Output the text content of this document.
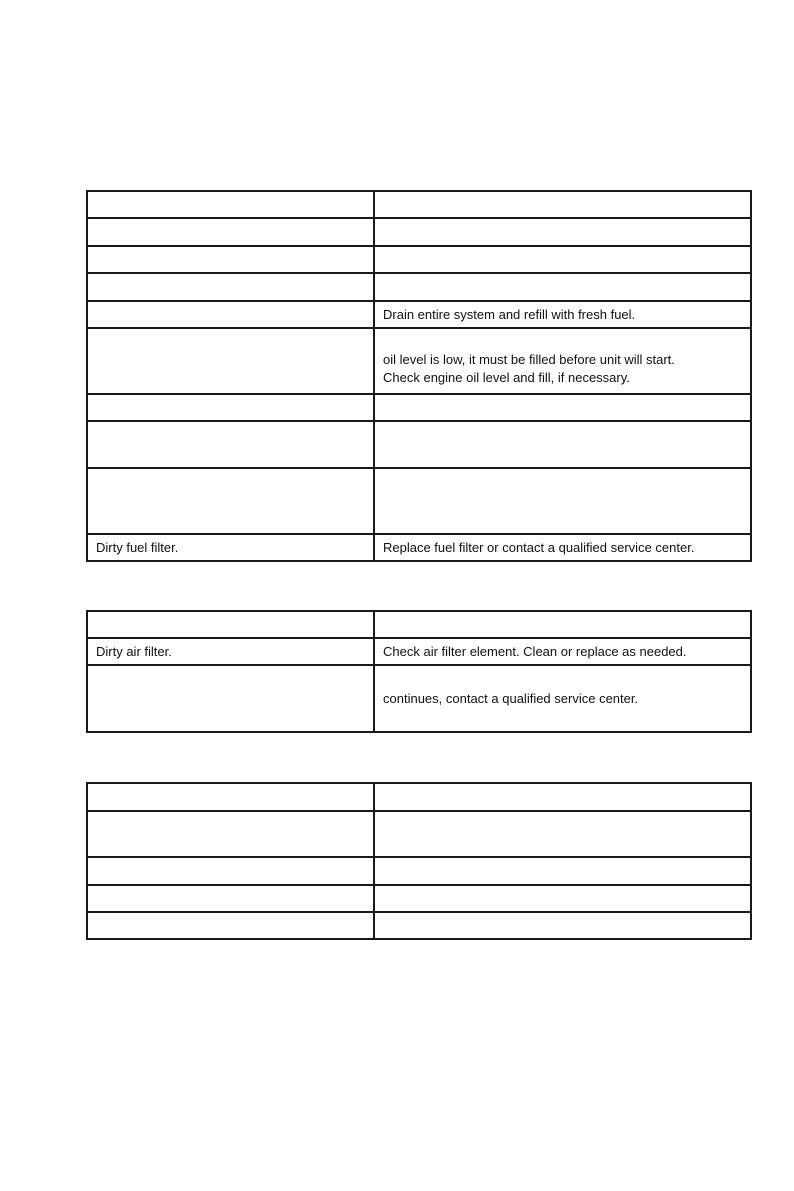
	Drain entire system and refill with fresh fuel.

	oil level is low, it must be filled before unit will start.
Check engine oil level and fill, if necessary.

Dirty fuel filter.	Replace fuel filter or contact a qualified service center.

Dirty air filter.	Check air filter element. Clean or replace as needed.

	continues, contact a qualified service center.
